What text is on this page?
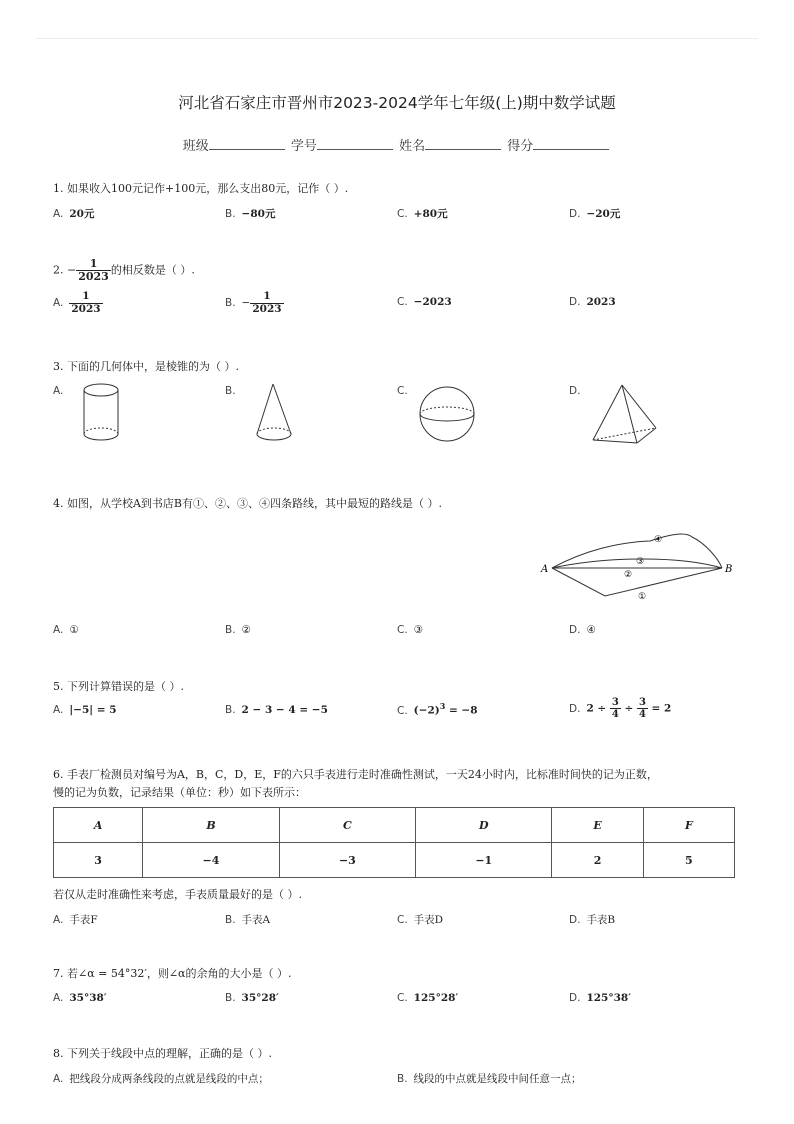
河北省石家庄市晋州市2023-2024学年七年级(上)期中数学试题
班级	学号	姓名	得分
1. 如果收入100元记作+100元，那么支出80元，记作（ ）.
A. 20元	B. −80元	C. +80元	D. −20元
2. − $\frac{1}{2023}$ 的相反数是（ ）.
A. $\frac{1}{2023}$	B. − $\frac{1}{2023}$	C. −2023	D. 2023
3. 下面的几何体中，是棱锥的为（ ）.
A.	B.	C.	D.
4. 如图，从学校A到书店B有①、②、③、④四条路线，其中最短的路线是（ ）.
A	B
④
③
②
①
A. ①	B. ②	C. ③	D. ④
5. 下列计算错误的是（ ）.
A. |−5| = 5	B. 2 − 3 − 4 = −5	C. $(-2)^3 = -8$	D. $2 \div \frac{3}{4} \div \frac{3}{4} = 2$
6. 手表厂检测员对编号为A，B，C，D，E，F的六只手表进行走时准确性测试，一天24小时内，比标准时间快的记为正数，
慢的记为负数，记录结果（单位：秒）如下表所示：
A	B	C	D	E	F
3	−4	−3	−1	2	5
若仅从走时准确性来考虑，手表质量最好的是（ ）.
A. 手表F	B. 手表A	C. 手表D	D. 手表B
7. 若∠α = 54°32′，则∠α的余角的大小是（ ）.
A. 35°38′	B. 35°28′	C. 125°28′	D. 125°38′
8. 下列关于线段中点的理解，正确的是（ ）.
A. 把线段分成两条线段的点就是线段的中点；	B. 线段的中点就是线段中间任意一点；
